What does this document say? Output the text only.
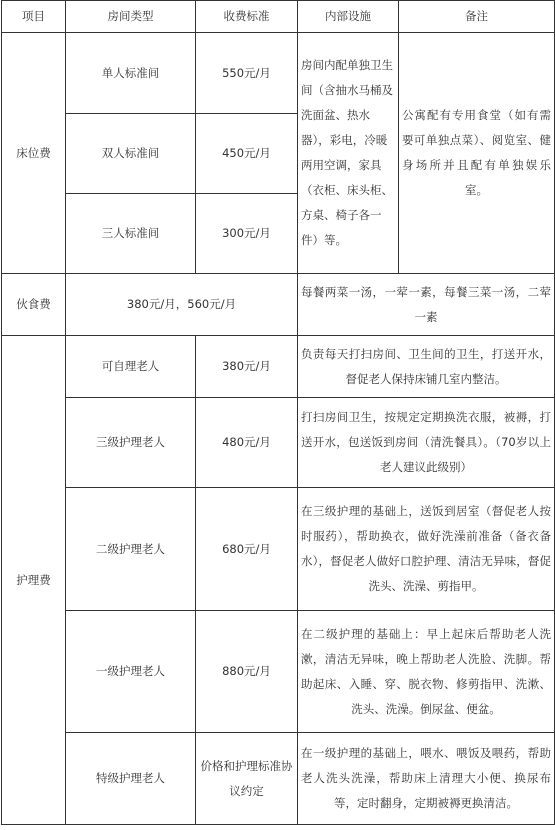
项目	房间类型	收费标准	内部设施	备注
床位费	单人标准间	550元/月	房间内配单独卫生间（含抽水马桶及洗面盆、热水器），彩电，冷暖两用空调，家具（衣柜、床头柜、方桌、椅子各一件）等。	公寓配有专用食堂（如有需要可单独点菜）、阅览室、健身场所并且配有单独娱乐室。
	双人标准间	450元/月		
	三人标准间	300元/月		
伙食费	380元/月，560元/月		每餐两菜一汤，一荤一素，每餐三菜一汤，二荤一素	
护理费	可自理老人	380元/月	负责每天打扫房间、卫生间的卫生，打送开水，督促老人保持床铺几室内整洁。	
	三级护理老人	480元/月	打扫房间卫生，按规定定期换洗衣服，被褥，打送开水，包送饭到房间（清洗餐具）。（70岁以上老人建议此级别）	
	二级护理老人	680元/月	在三级护理的基础上，送饭到居室（督促老人按时服药），帮助换衣，做好洗澡前准备（备衣备水），督促老人做好口腔护理、清洁无异味，督促洗头、洗澡、剪指甲。	
	一级护理老人	880元/月	在二级护理的基础上：早上起床后帮助老人洗漱，清洁无异味，晚上帮助老人洗脸、洗脚。帮助起床、入睡、穿、脱衣物、修剪指甲、洗漱、洗头、洗澡。倒尿盆、便盆。	
	特级护理老人	价格和护理标准协议约定	在一级护理的基础上，喂水、喂饭及喂药，帮助老人洗头洗澡，帮助床上清理大小便、换尿布等，定时翻身，定期被褥更换清洁。	
